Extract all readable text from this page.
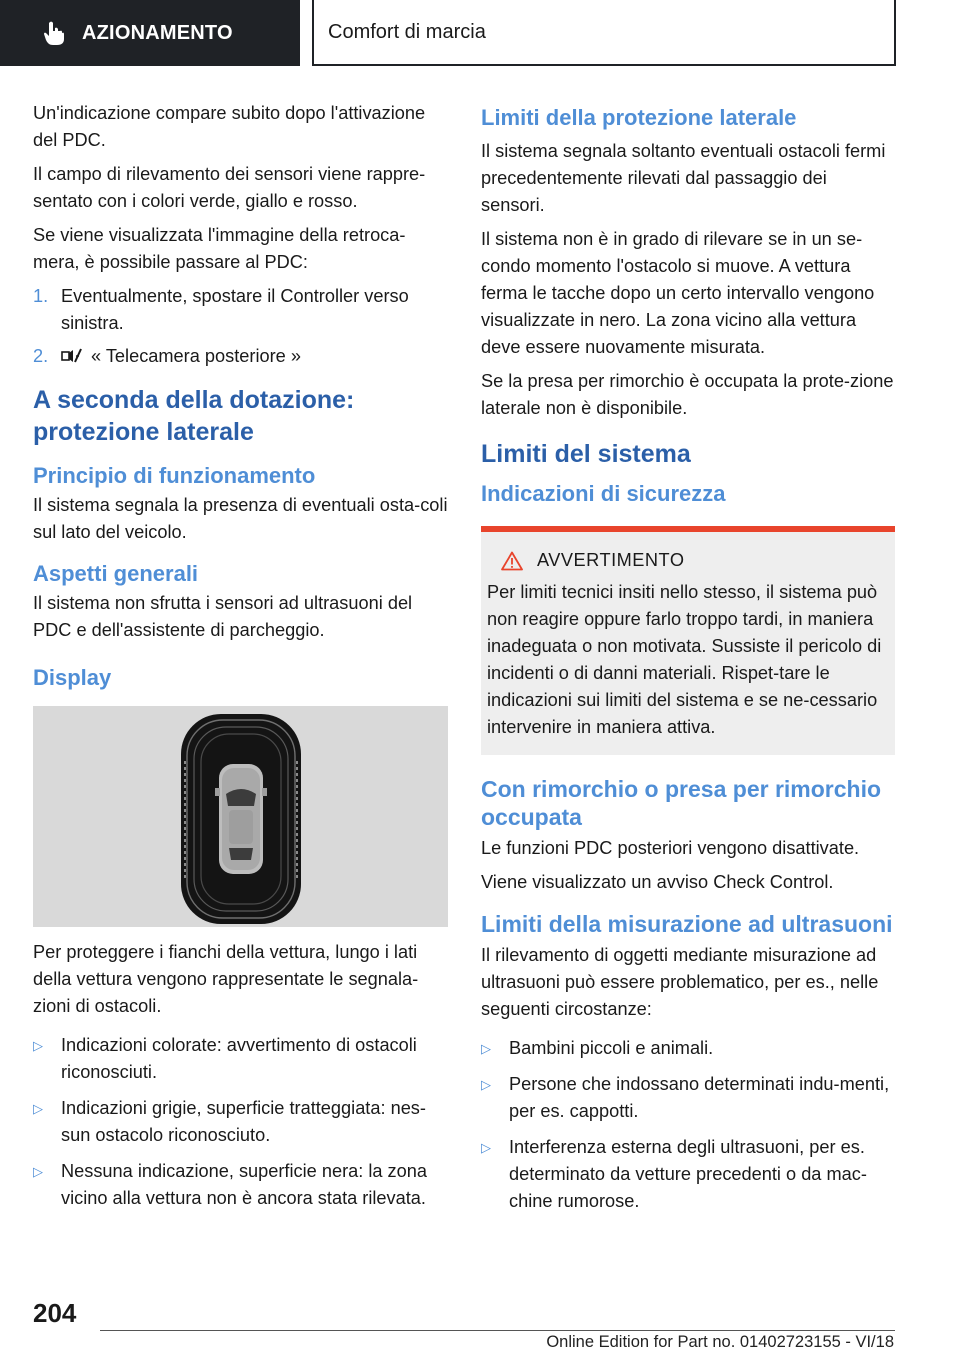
AZIONAMENTO	Comfort di marcia
Un'indicazione compare subito dopo l'attivazione del PDC.
Il campo di rilevamento dei sensori viene rappre-sentato con i colori verde, giallo e rosso.
Se viene visualizzata l'immagine della retroca-mera, è possibile passare al PDC:
1. Eventualmente, spostare il Controller verso sinistra.
2.	« Telecamera posteriore »
A seconda della dotazione: protezione laterale
Principio di funzionamento
Il sistema segnala la presenza di eventuali osta-coli sul lato del veicolo.
Aspetti generali
Il sistema non sfrutta i sensori ad ultrasuoni del PDC e dell'assistente di parcheggio.
Display
Per proteggere i fianchi della vettura, lungo i lati della vettura vengono rappresentate le segnala-zioni di ostacoli.
▷ Indicazioni colorate: avvertimento di ostacoli riconosciuti.
▷ Indicazioni grigie, superficie tratteggiata: nes-sun ostacolo riconosciuto.
▷ Nessuna indicazione, superficie nera: la zona vicino alla vettura non è ancora stata rilevata.
Limiti della protezione laterale
Il sistema segnala soltanto eventuali ostacoli fermi precedentemente rilevati dal passaggio dei sensori.
Il sistema non è in grado di rilevare se in un se-condo momento l'ostacolo si muove. A vettura ferma le tacche dopo un certo intervallo vengono visualizzate in nero. La zona vicino alla vettura deve essere nuovamente misurata.
Se la presa per rimorchio è occupata la prote-zione laterale non è disponibile.
Limiti del sistema
Indicazioni di sicurezza
AVVERTIMENTO
Per limiti tecnici insiti nello stesso, il sistema può non reagire oppure farlo troppo tardi, in maniera inadeguata o non motivata. Sussiste il pericolo di incidenti o di danni materiali. Rispet-tare le indicazioni sui limiti del sistema e se ne-cessario intervenire in maniera attiva.
Con rimorchio o presa per rimorchio occupata
Le funzioni PDC posteriori vengono disattivate.
Viene visualizzato un avviso Check Control.
Limiti della misurazione ad ultrasuoni
Il rilevamento di oggetti mediante misurazione ad ultrasuoni può essere problematico, per es., nelle seguenti circostanze:
▷ Bambini piccoli e animali.
▷ Persone che indossano determinati indu-menti, per es. cappotti.
▷ Interferenza esterna degli ultrasuoni, per es. determinato da vetture precedenti o da mac-chine rumorose.
204
Online Edition for Part no. 01402723155 - VI/18
